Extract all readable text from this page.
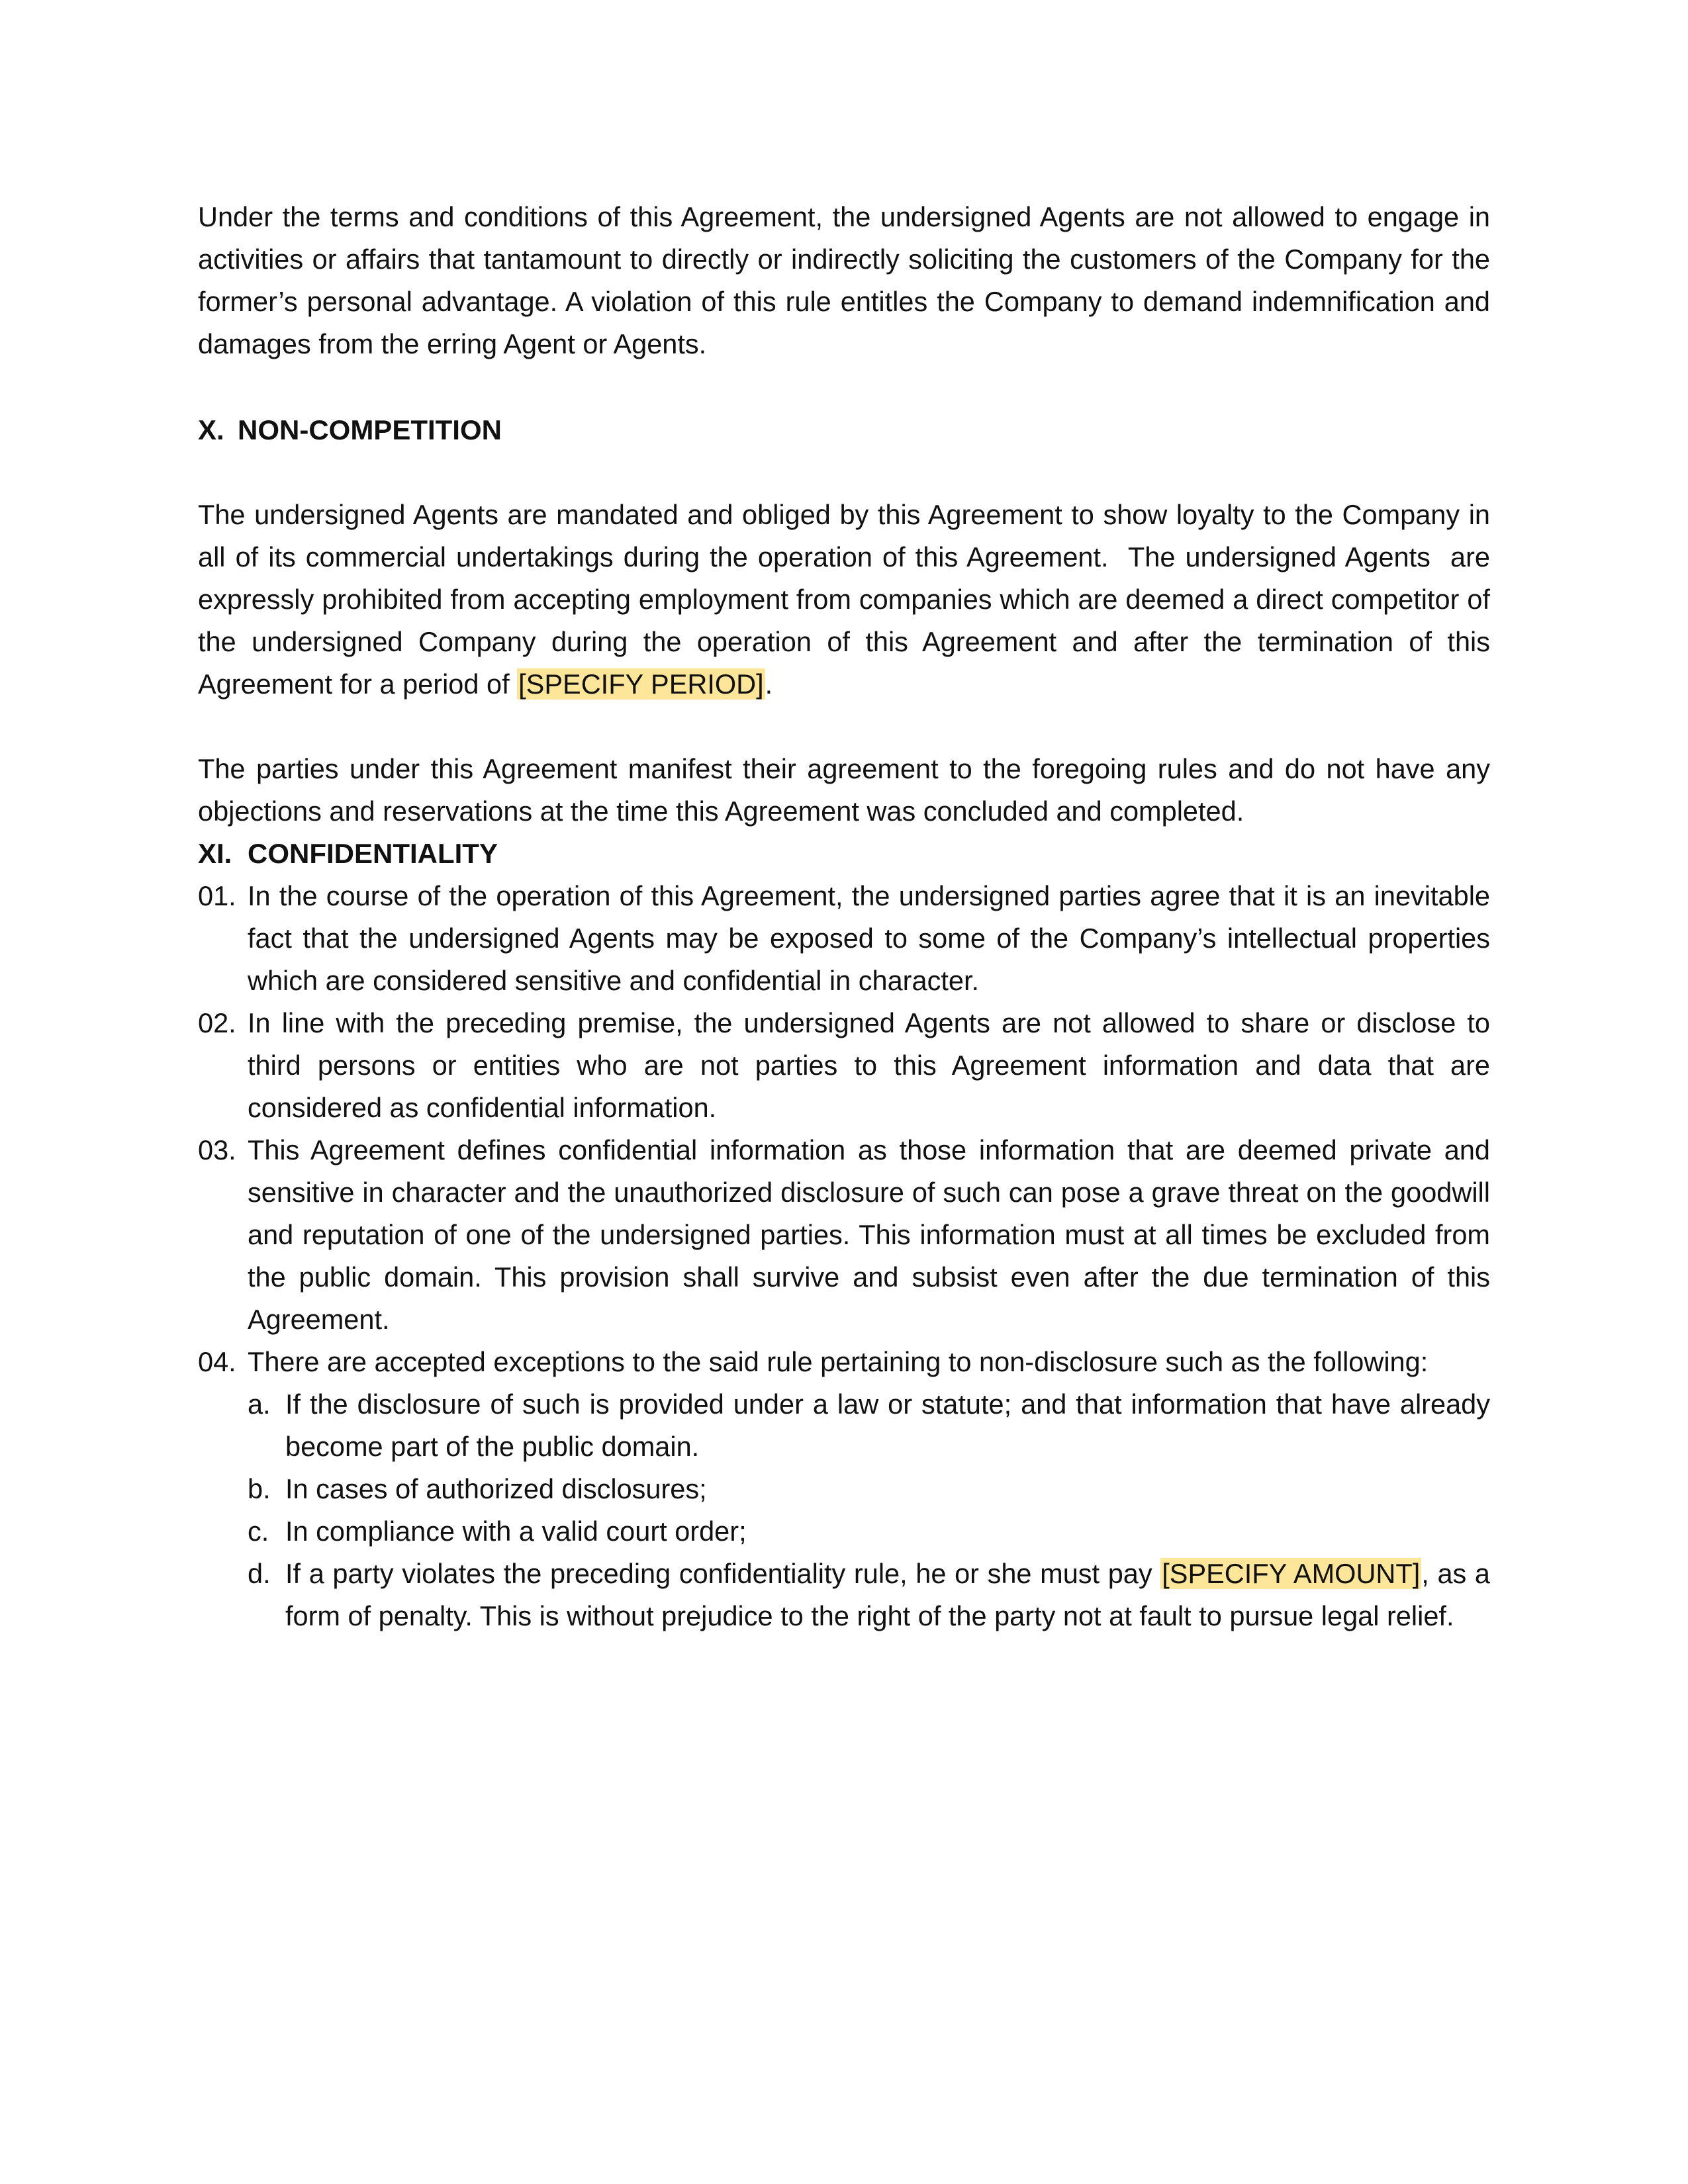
Under the terms and conditions of this Agreement, the undersigned Agents are not allowed to engage in activities or affairs that tantamount to directly or indirectly soliciting the customers of the Company for the former’s personal advantage. A violation of this rule entitles the Company to demand indemnification and damages from the erring Agent or Agents.

X. NON-COMPETITION

The undersigned Agents are mandated and obliged by this Agreement to show loyalty to the Company in all of its commercial undertakings during the operation of this Agreement.  The undersigned Agents  are expressly prohibited from accepting employment from companies which are deemed a direct competitor of the undersigned Company during the operation of this Agreement and after the termination of this Agreement for a period of [SPECIFY PERIOD].

The parties under this Agreement manifest their agreement to the foregoing rules and do not have any objections and reservations at the time this Agreement was concluded and completed.

XI. CONFIDENTIALITY
01. In the course of the operation of this Agreement, the undersigned parties agree that it is an inevitable fact that the undersigned Agents may be exposed to some of the Company’s intellectual properties which are considered sensitive and confidential in character.
02. In line with the preceding premise, the undersigned Agents are not allowed to share or disclose to third persons or entities who are not parties to this Agreement information and data that are considered as confidential information.
03. This Agreement defines confidential information as those information that are deemed private and sensitive in character and the unauthorized disclosure of such can pose a grave threat on the goodwill and reputation of one of the undersigned parties. This information must at all times be excluded from the public domain. This provision shall survive and subsist even after the due termination of this Agreement.
04. There are accepted exceptions to the said rule pertaining to non-disclosure such as the following:
a. If the disclosure of such is provided under a law or statute; and that information that have already become part of the public domain.
b. In cases of authorized disclosures;
c. In compliance with a valid court order;
d. If a party violates the preceding confidentiality rule, he or she must pay [SPECIFY AMOUNT], as a form of penalty. This is without prejudice to the right of the party not at fault to pursue legal relief.
